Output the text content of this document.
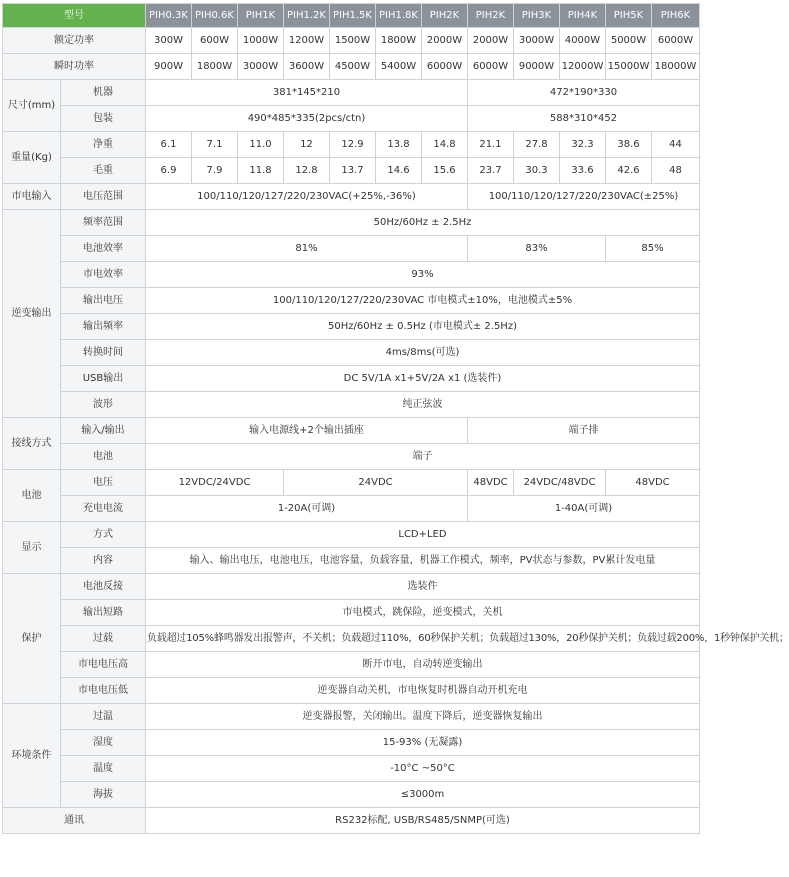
型号		PIH0.3K	PIH0.6K	PIH1K	PIH1.2K	PIH1.5K	PIH1.8K	PIH2K	PIH2K	PIH3K	PIH4K	PIH5K	PIH6K
额定功率		300W	600W	1000W	1200W	1500W	1800W	2000W	2000W	3000W	4000W	5000W	6000W
瞬时功率		900W	1800W	3000W	3600W	4500W	5400W	6000W	6000W	9000W	12000W	15000W	18000W
尺寸(mm)	机器	381*145*210							472*190*330				
	包装	490*485*335(2pcs/ctn)							588*310*452				
重量(Kg)	净重	6.1	7.1	11.0	12	12.9	13.8	14.8	21.1	27.8	32.3	38.6	44
	毛重	6.9	7.9	11.8	12.8	13.7	14.6	15.6	23.7	30.3	33.6	42.6	48
市电输入	电压范围	100/110/120/127/220/230VAC(+25%,-36%)							100/110/120/127/220/230VAC(±25%)				
逆变输出	频率范围	50Hz/60Hz ± 2.5Hz											
	电池效率	81%							83%			85%	
	市电效率	93%											
	输出电压	100/110/120/127/220/230VAC 市电模式±10%，电池模式±5%											
	输出频率	50Hz/60Hz ± 0.5Hz (市电模式± 2.5Hz)											
	转换时间	4ms/8ms(可选)											
	USB输出	DC 5V/1A x1+5V/2A x1 (选装件)											
	波形	纯正弦波											
接线方式	输入/输出	输入电源线+2个输出插座							端子排				
	电池	端子											
电池	电压	12VDC/24VDC			24VDC				48VDC	24VDC/48VDC		48VDC	
	充电电流	1-20A(可调)							1-40A(可调)				
显示	方式	LCD+LED											
	内容	输入、输出电压，电池电压，电池容量，负载容量，机器工作模式，频率，PV状态与参数，PV累计发电量											
保护	电池反接	选装件											
	输出短路	市电模式，跳保险，逆变模式，关机											
	过载	负载超过105%蜂鸣器发出报警声，不关机；负载超过110%，60秒保护关机；负载超过130%，20秒保护关机；负载过载200%，1秒钟保护关机；											
	市电电压高	断开市电，自动转逆变输出											
	市电电压低	逆变器自动关机，市电恢复时机器自动开机充电											
环境条件	过温	逆变器报警，关闭输出。温度下降后，逆变器恢复输出											
	湿度	15-93% (无凝露)											
	温度	-10°C ~50°C											
	海拔	≤3000m											
通讯		RS232标配, USB/RS485/SNMP(可选)											
